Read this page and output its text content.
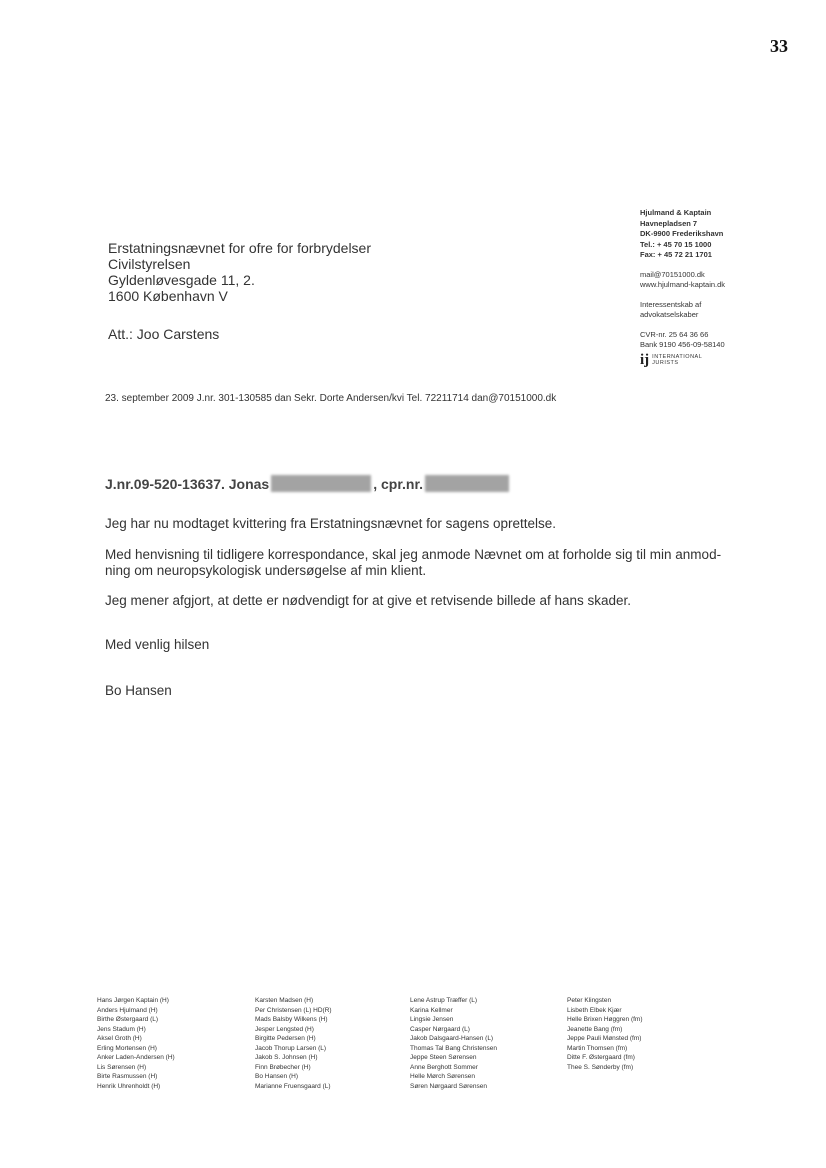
33
Erstatningsnævnet for ofre for forbrydelser
Civilstyrelsen
Gyldenløvesgade 11, 2.
1600 København V
Att.: Joo Carstens
Hjulmand & Kaptain
Havnepladsen 7
DK-9900 Frederikshavn
Tel.: + 45 70 15 1000
Fax: + 45 72 21 1701
mail@70151000.dk
www.hjulmand-kaptain.dk
Interessentskab af
advokatselskaber
CVR-nr. 25 64 36 66
Bank 9190 456-09-58140
ij INTERNATIONAL
JURISTS
23. september 2009 J.nr. 301-130585 dan Sekr. Dorte Andersen/kvi Tel. 72211714 dan@70151000.dk
J.nr.09-520-13637. Jonas	, cpr.nr.
Jeg har nu modtaget kvittering fra Erstatningsnævnet for sagens oprettelse.
Med henvisning til tidligere korrespondance, skal jeg anmode Nævnet om at forholde sig til min anmod-
ning om neuropsykologisk undersøgelse af min klient.
Jeg mener afgjort, at dette er nødvendigt for at give et retvisende billede af hans skader.
Med venlig hilsen
Bo Hansen
Hans Jørgen Kaptain (H)
Anders Hjulmand (H)
Birthe Østergaard (L)
Jens Stadum (H)
Aksel Groth (H)
Erling Mortensen (H)
Anker Laden-Andersen (H)
Lis Sørensen (H)
Birte Rasmussen (H)
Henrik Uhrenholdt (H)
Karsten Madsen (H)
Per Christensen (L) HD(R)
Mads Balsby Wilkens (H)
Jesper Lengsted (H)
Birgitte Pedersen (H)
Jacob Thorup Larsen (L)
Jakob S. Johnsen (H)
Finn Brøbecher (H)
Bo Hansen (H)
Marianne Fruensgaard (L)
Lene Astrup Træffer (L)
Karina Kellmer
Lingsie Jensen
Casper Nørgaard (L)
Jakob Dalsgaard-Hansen (L)
Thomas Tal Bang Christensen
Jeppe Steen Sørensen
Anne Berghott Sommer
Helle Mørch Sørensen
Søren Nørgaard Sørensen
Peter Klingsten
Lisbeth Elbek Kjær
Helle Brixen Høggren (fm)
Jeanette Bang (fm)
Jeppe Pauli Mønsted (fm)
Martin Thomsen (fm)
Ditte F. Østergaard (fm)
Thee S. Sønderby (fm)
